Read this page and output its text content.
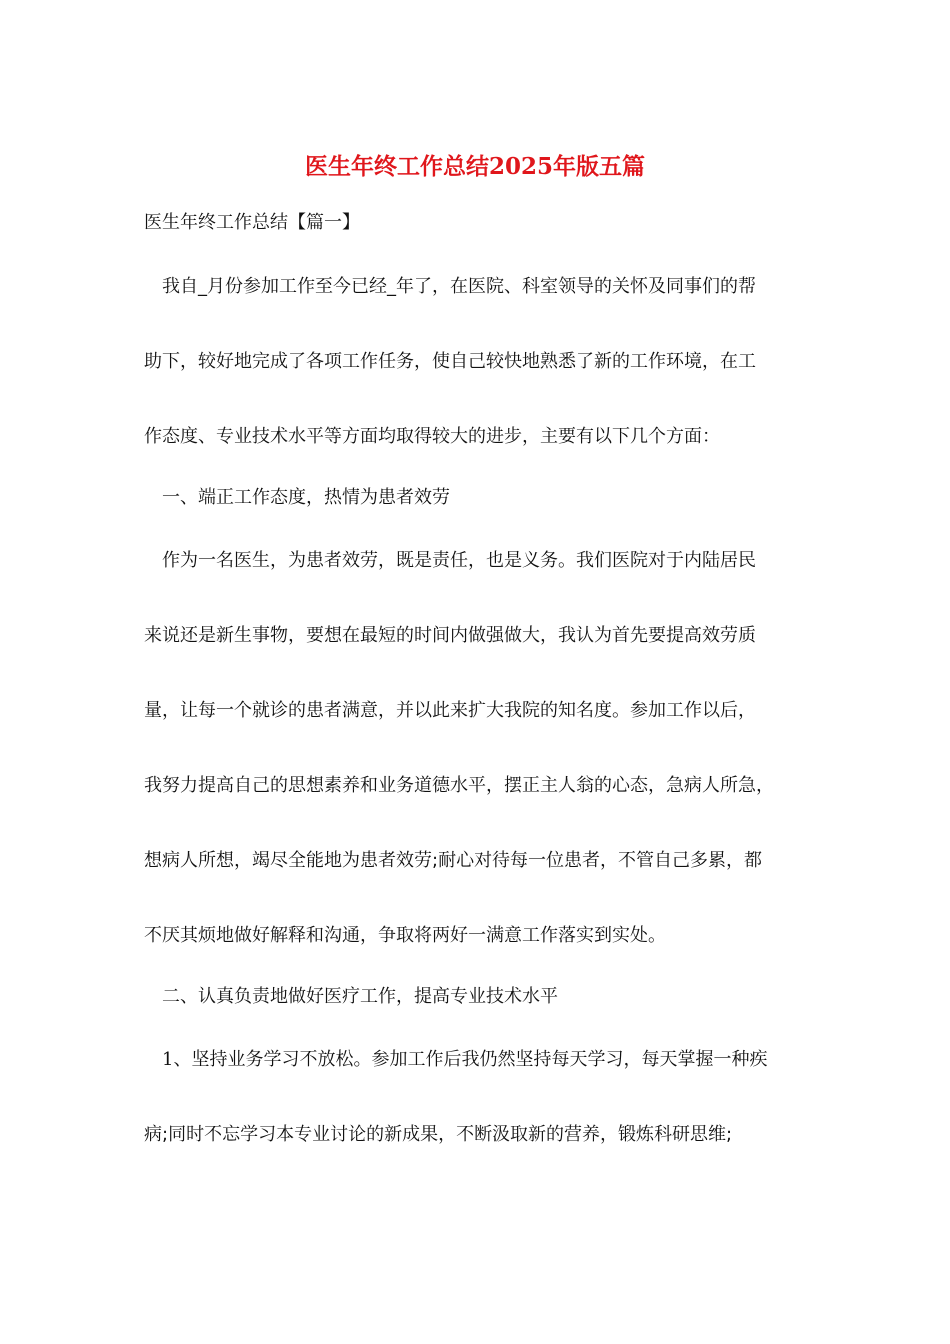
医生年终工作总结2025年版五篇

医生年终工作总结【篇一】

我自_月份参加工作至今已经_年了，在医院、科室领导的关怀及同事们的帮

助下，较好地完成了各项工作任务，使自己较快地熟悉了新的工作环境，在工

作态度、专业技术水平等方面均取得较大的进步，主要有以下几个方面：

一、端正工作态度，热情为患者效劳

作为一名医生，为患者效劳，既是责任，也是义务。我们医院对于内陆居民

来说还是新生事物，要想在最短的时间内做强做大，我认为首先要提高效劳质

量，让每一个就诊的患者满意，并以此来扩大我院的知名度。参加工作以后，

我努力提高自己的思想素养和业务道德水平，摆正主人翁的心态，急病人所急，

想病人所想，竭尽全能地为患者效劳;耐心对待每一位患者，不管自己多累，都

不厌其烦地做好解释和沟通，争取将两好一满意工作落实到实处。

二、认真负责地做好医疗工作，提高专业技术水平

1、坚持业务学习不放松。参加工作后我仍然坚持每天学习，每天掌握一种疾

病;同时不忘学习本专业讨论的新成果，不断汲取新的营养，锻炼科研思维;
